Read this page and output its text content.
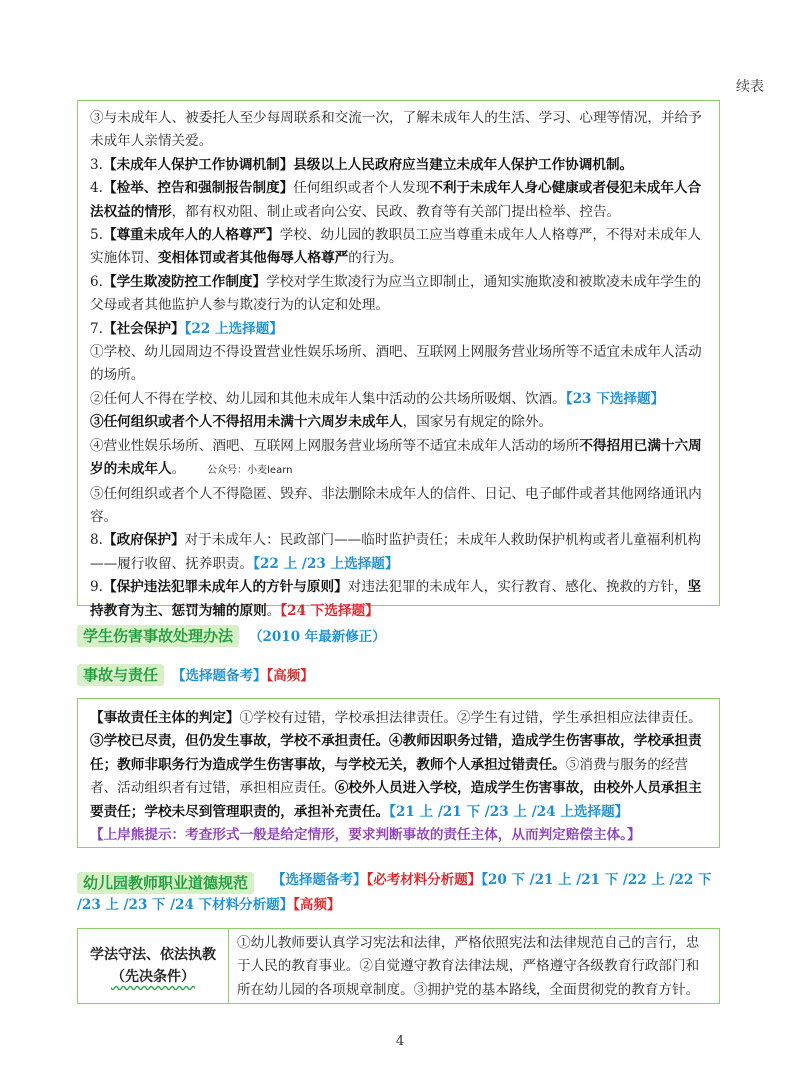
续表

③与未成年人、被委托人至少每周联系和交流一次，了解未成年人的生活、学习、心理等情况，并给予未成年人亲情关爱。

3.【未成年人保护工作协调机制】县级以上人民政府应当建立未成年人保护工作协调机制。

4.【检举、控告和强制报告制度】任何组织或者个人发现不利于未成年人身心健康或者侵犯未成年人合法权益的情形，都有权劝阻、制止或者向公安、民政、教育等有关部门提出检举、控告。

5.【尊重未成年人的人格尊严】学校、幼儿园的教职员工应当尊重未成年人人格尊严，不得对未成年人实施体罚、变相体罚或者其他侮辱人格尊严的行为。

6.【学生欺凌防控工作制度】学校对学生欺凌行为应当立即制止，通知实施欺凌和被欺凌未成年学生的父母或者其他监护人参与欺凌行为的认定和处理。

7.【社会保护】【22 上选择题】

①学校、幼儿园周边不得设置营业性娱乐场所、酒吧、互联网上网服务营业场所等不适宜未成年人活动的场所。

②任何人不得在学校、幼儿园和其他未成年人集中活动的公共场所吸烟、饮酒。【23 下选择题】

③任何组织或者个人不得招用未满十六周岁未成年人，国家另有规定的除外。

④营业性娱乐场所、酒吧、互联网上网服务营业场所等不适宜未成年人活动的场所不得招用已满十六周岁的未成年人。 公众号：小麦learn

⑤任何组织或者个人不得隐匿、毁弃、非法删除未成年人的信件、日记、电子邮件或者其他网络通讯内容。

8.【政府保护】对于未成年人：民政部门——临时监护责任；未成年人救助保护机构或者儿童福利机构——履行收留、抚养职责。【22 上 /23 上选择题】

9.【保护违法犯罪未成年人的方针与原则】对违法犯罪的未成年人，实行教育、感化、挽救的方针，坚持教育为主、惩罚为辅的原则。【24 下选择题】

学生伤害事故处理办法 （2010 年最新修正）
事故与责任 【选择题备考】【高频】

【事故责任主体的判定】①学校有过错，学校承担法律责任。②学生有过错，学生承担相应法律责任。③学校已尽责，但仍发生事故，学校不承担责任。④教师因职务过错，造成学生伤害事故，学校承担责任；教师非职务行为造成学生伤害事故，与学校无关，教师个人承担过错责任。⑤消费与服务的经营者、活动组织者有过错，承担相应责任。⑥校外人员进入学校，造成学生伤害事故，由校外人员承担主要责任；学校未尽到管理职责的，承担补充责任。【21 上 /21 下 /23 上 /24 上选择题】

【上岸熊提示：考查形式一般是给定情形，要求判断事故的责任主体，从而判定赔偿主体。】

幼儿园教师职业道德规范	【选择题备考】【必考材料分析题】【20 下 /21 上 /21 下 /22 上 /22 下 /23 上 /23 下 /24 下材料分析题】【高频】
学法守法、依法执教
（先决条件）
①幼儿教师要认真学习宪法和法律，严格依照宪法和法律规范自己的言行，忠于人民的教育事业。②自觉遵守教育法律法规，严格遵守各级教育行政部门和所在幼儿园的各项规章制度。③拥护党的基本路线，全面贯彻党的教育方针。
4
